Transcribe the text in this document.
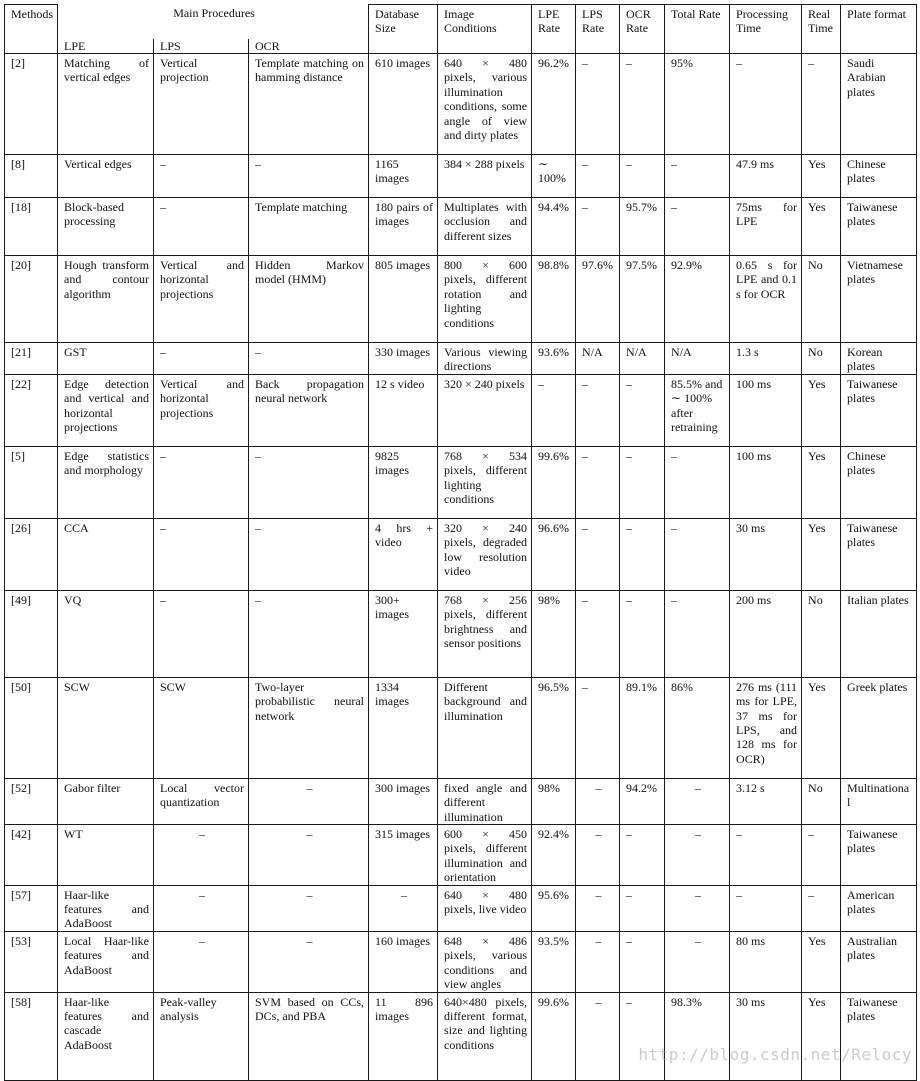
Methods	Main Procedures			Database Size	Image Conditions	LPE Rate	LPS Rate	OCR Rate	Total Rate	Processing Time	Real Time	Plate format
	LPE	LPS	OCR									
[2]	Matching of vertical edges	Vertical projection	Template matching on hamming distance	610 images	640 × 480 pixels, various illumination conditions, some angle of view and dirty plates	96.2%	–	–	95%	–	–	Saudi Arabian plates
[8]	Vertical edges	–	–	1165 images	384 × 288 pixels	∼ 100%	–	–	–	47.9 ms	Yes	Chinese plates
[18]	Block-based processing	–	Template matching	180 pairs of images	Multiplates with occlusion and different sizes	94.4%	–	95.7%	–	75ms for LPE	Yes	Taiwanese plates
[20]	Hough transform and contour algorithm	Vertical and horizontal projections	Hidden Markov model (HMM)	805 images	800 × 600 pixels, different rotation and lighting conditions	98.8%	97.6%	97.5%	92.9%	0.65 s for LPE and 0.1 s for OCR	No	Vietnamese plates
[21]	GST	–	–	330 images	Various viewing directions	93.6%	N/A	N/A	N/A	1.3 s	No	Korean plates
[22]	Edge detection and vertical and horizontal projections	Vertical and horizontal projections	Back propagation neural network	12 s video	320 × 240 pixels	–	–	–	85.5% and ∼ 100% after retraining	100 ms	Yes	Taiwanese plates
[5]	Edge statistics and morphology	–	–	9825 images	768 × 534 pixels, different lighting conditions	99.6%	–	–	–	100 ms	Yes	Chinese plates
[26]	CCA	–	–	4 hrs + video	320 × 240 pixels, degraded low resolution video	96.6%	–	–	–	30 ms	Yes	Taiwanese plates
[49]	VQ	–	–	300+ images	768 × 256 pixels, different brightness and sensor positions	98%	–	–	–	200 ms	No	Italian plates
[50]	SCW	SCW	Two-layer probabilistic neural network	1334 images	Different background and illumination	96.5%	–	89.1%	86%	276 ms (111 ms for LPE, 37 ms for LPS, and 128 ms for OCR)	Yes	Greek plates
[52]	Gabor filter	Local vector quantization	–	300 images	fixed angle and different illumination	98%	–	94.2%	–	3.12 s	No	Multinational
[42]	WT	–	–	315 images	600 × 450 pixels, different illumination and orientation	92.4%	–	–	–	–	–	Taiwanese plates
[57]	Haar-like features and AdaBoost	–	–	–	640 × 480 pixels, live video	95.6%	–	–	–	–	–	American plates
[53]	Local Haar-like features and AdaBoost	–	–	160 images	648 × 486 pixels, various conditions and view angles	93.5%	–	–	–	80 ms	Yes	Australian plates
[58]	Haar-like features and cascade AdaBoost	Peak-valley analysis	SVM based on CCs, DCs, and PBA	11 896 images	640×480 pixels, different format, size and lighting conditions	99.6%	–	–	98.3%	30 ms	Yes	Taiwanese plates
http://blog.csdn.net/Relocy
